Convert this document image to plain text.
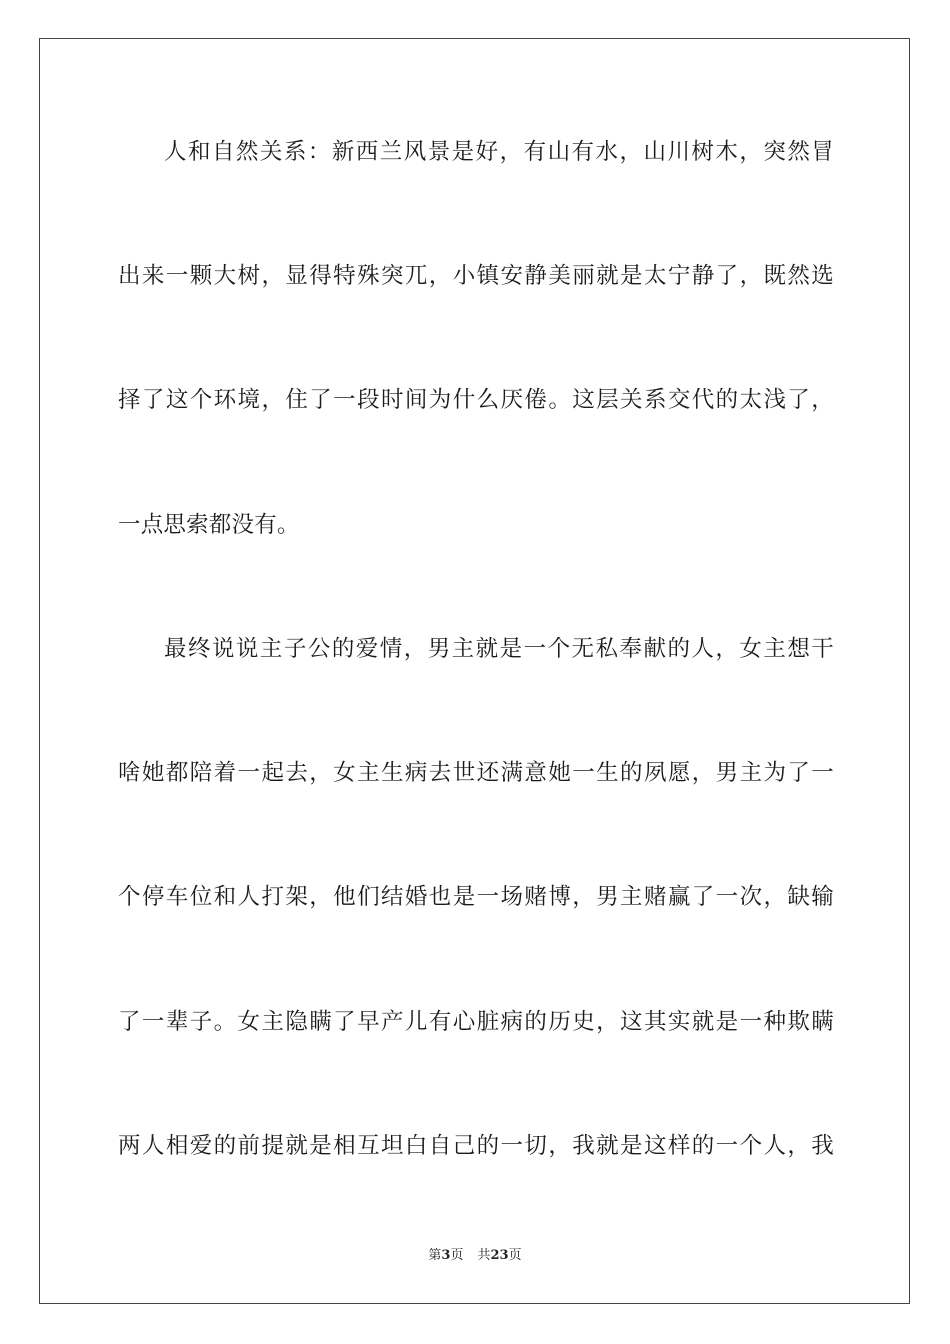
人和自然关系：新西兰风景是好，有山有水，山川树木，突然冒
出来一颗大树，显得特殊突兀，小镇安静美丽就是太宁静了，既然选
择了这个环境，住了一段时间为什么厌倦。这层关系交代的太浅了，
一点思索都没有。
最终说说主子公的爱情，男主就是一个无私奉献的人，女主想干
啥她都陪着一起去，女主生病去世还满意她一生的夙愿，男主为了一
个停车位和人打架，他们结婚也是一场赌博，男主赌赢了一次，缺输
了一辈子。女主隐瞒了早产儿有心脏病的历史，这其实就是一种欺瞒
两人相爱的前提就是相互坦白自己的一切，我就是这样的一个人，我
第3页 共23页
